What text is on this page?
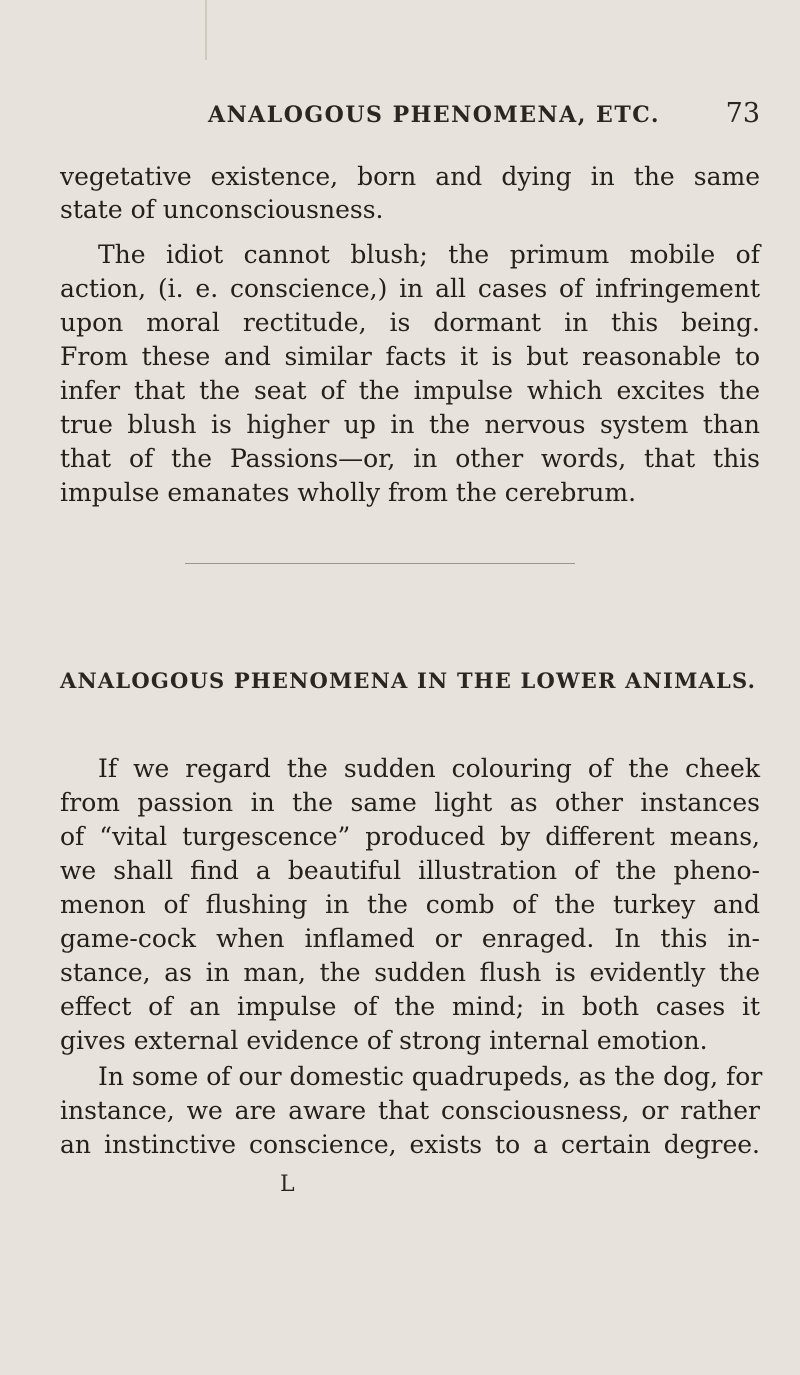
ANALOGOUS PHENOMENA, ETC. 73
vegetative existence, born and dying in the same
state of unconsciousness.
The idiot cannot blush; the primum mobile of
action, (i. e. conscience,) in all cases of infringement
upon moral rectitude, is dormant in this being.
From these and similar facts it is but reasonable to
infer that the seat of the impulse which excites the
true blush is higher up in the nervous system than
that of the Passions—or, in other words, that this
impulse emanates wholly from the cerebrum.
ANALOGOUS PHENOMENA IN THE LOWER ANIMALS.
If we regard the sudden colouring of the cheek
from passion in the same light as other instances
of “vital turgescence” produced by different means,
we shall find a beautiful illustration of the pheno-
menon of flushing in the comb of the turkey and
game-cock when inflamed or enraged. In this in-
stance, as in man, the sudden flush is evidently the
effect of an impulse of the mind; in both cases it
gives external evidence of strong internal emotion.
In some of our domestic quadrupeds, as the dog, for
instance, we are aware that consciousness, or rather
an instinctive conscience, exists to a certain degree.
L
